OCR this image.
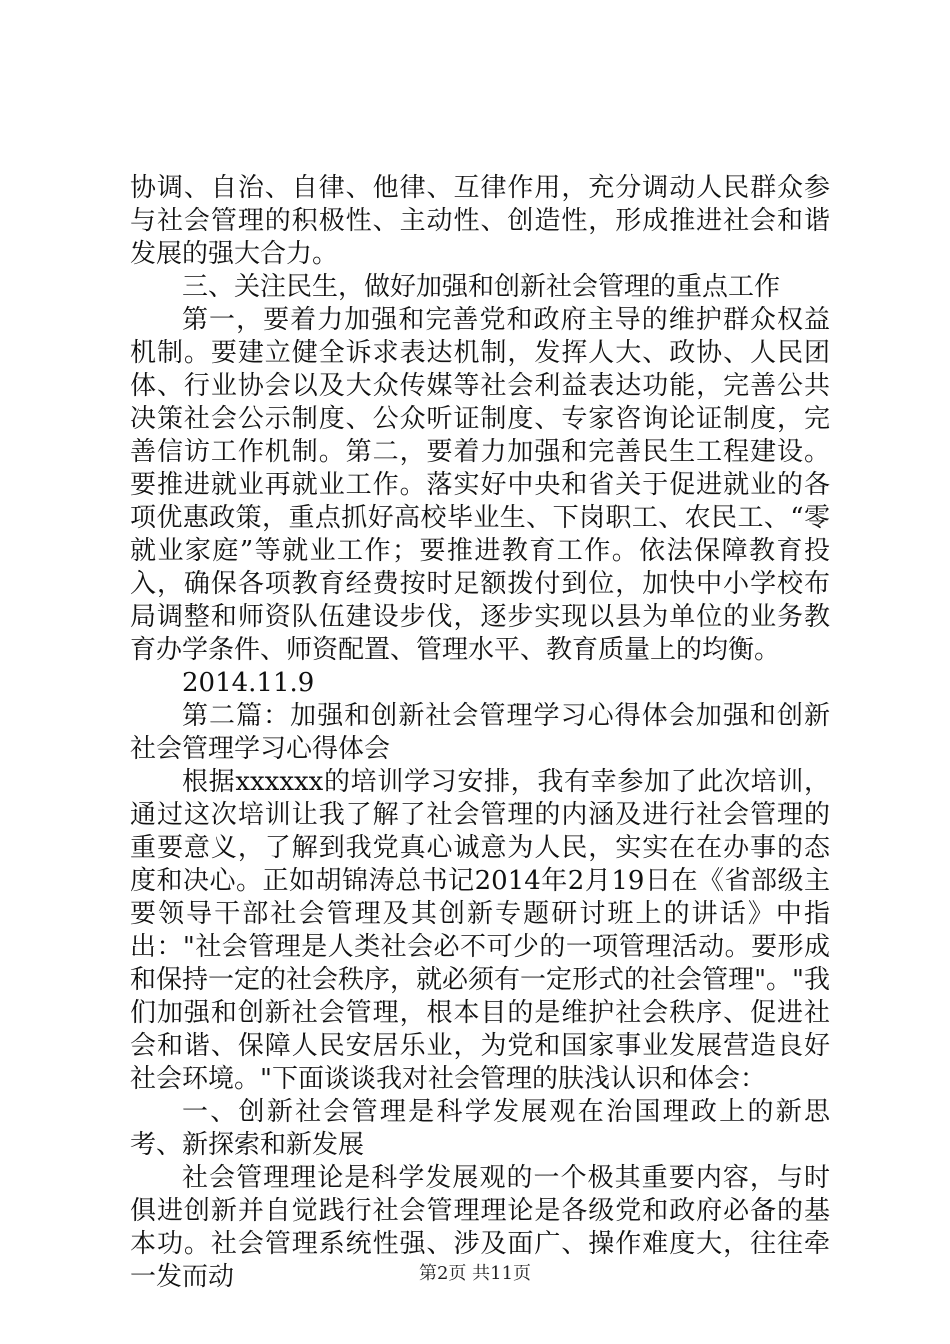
协调、自治、自律、他律、互律作用，充分调动人民群众参与社会管理的积极性、主动性、创造性，形成推进社会和谐发展的强大合力。

三、关注民生，做好加强和创新社会管理的重点工作

第一，要着力加强和完善党和政府主导的维护群众权益机制。要建立健全诉求表达机制，发挥人大、政协、人民团体、行业协会以及大众传媒等社会利益表达功能，完善公共决策社会公示制度、公众听证制度、专家咨询论证制度，完善信访工作机制。第二，要着力加强和完善民生工程建设。要推进就业再就业工作。落实好中央和省关于促进就业的各项优惠政策，重点抓好高校毕业生、下岗职工、农民工、“零就业家庭”等就业工作；要推进教育工作。依法保障教育投入，确保各项教育经费按时足额拨付到位，加快中小学校布局调整和师资队伍建设步伐，逐步实现以县为单位的业务教育办学条件、师资配置、管理水平、教育质量上的均衡。

2014.11.9

第二篇：加强和创新社会管理学习心得体会加强和创新社会管理学习心得体会

根据xxxxxx的培训学习安排，我有幸参加了此次培训，通过这次培训让我了解了社会管理的内涵及进行社会管理的重要意义，了解到我党真心诚意为人民，实实在在办事的态度和决心。正如胡锦涛总书记2014年2月19日在《省部级主要领导干部社会管理及其创新专题研讨班上的讲话》中指出："社会管理是人类社会必不可少的一项管理活动。要形成和保持一定的社会秩序，就必须有一定形式的社会管理"。"我们加强和创新社会管理，根本目的是维护社会秩序、促进社会和谐、保障人民安居乐业，为党和国家事业发展营造良好社会环境。"下面谈谈我对社会管理的肤浅认识和体会：

一、创新社会管理是科学发展观在治国理政上的新思考、新探索和新发展

社会管理理论是科学发展观的一个极其重要内容，与时俱进创新并自觉践行社会管理理论是各级党和政府必备的基本功。社会管理系统性强、涉及面广、操作难度大，往往牵一发而动	第2页 共11页
